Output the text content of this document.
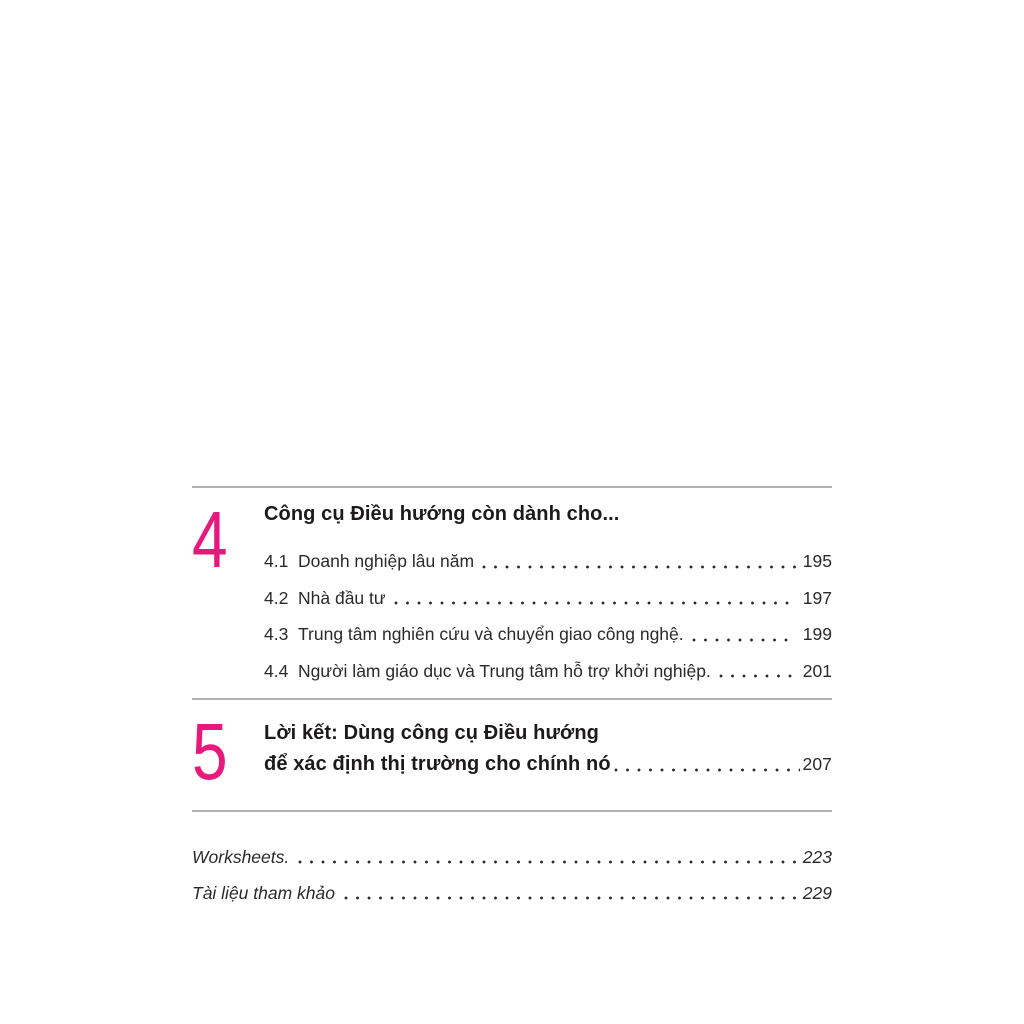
4	Công cụ Điều hướng còn dành cho...
4.1 Doanh nghiệp lâu năm	195
4.2 Nhà đầu tư	197
4.3 Trung tâm nghiên cứu và chuyển giao công nghệ.	199
4.4 Người làm giáo dục và Trung tâm hỗ trợ khởi nghiệp.	201
5	Lời kết: Dùng công cụ Điều hướng
để xác định thị trường cho chính nó	207
Worksheets.	223
Tài liệu tham khảo	229
